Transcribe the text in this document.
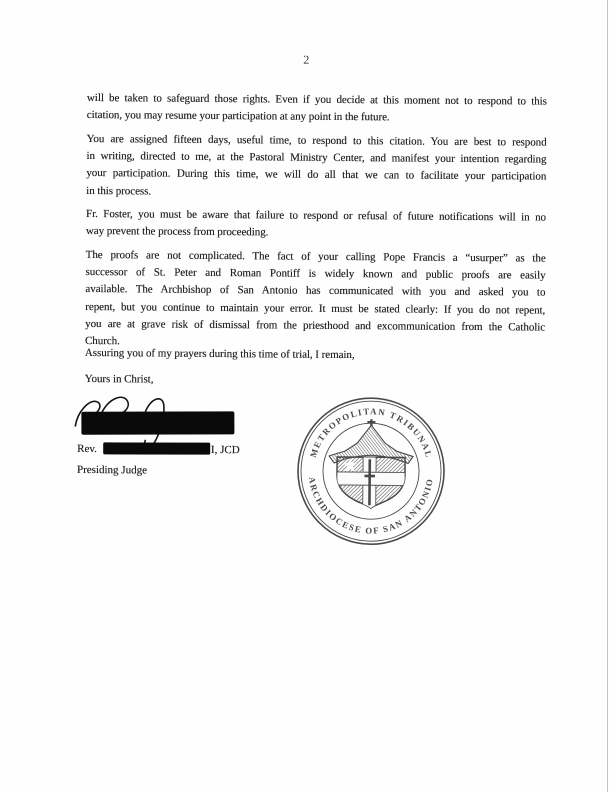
2
will be taken to safeguard those rights. Even if you decide at this moment not to respond to this
citation, you may resume your participation at any point in the future.
You are assigned fifteen days, useful time, to respond to this citation. You are best to respond
in writing, directed to me, at the Pastoral Ministry Center, and manifest your intention regarding
your participation. During this time, we will do all that we can to facilitate your participation
in this process.
Fr. Foster, you must be aware that failure to respond or refusal of future notifications will in no
way prevent the process from proceeding.
The proofs are not complicated. The fact of your calling Pope Francis a “usurper” as the
successor of St. Peter and Roman Pontiff is widely known and public proofs are easily
available. The Archbishop of San Antonio has communicated with you and asked you to
repent, but you continue to maintain your error. It must be stated clearly: If you do not repent,
you are at grave risk of dismissal from the priesthood and excommunication from the Catholic
Church.
Assuring you of my prayers during this time of trial, I remain,
Yours in Christ,
Rev.	I, JCD
Presiding Judge
METROPOLITAN TRIBUNAL
ARCHDIOCESE OF SAN ANTONIO
